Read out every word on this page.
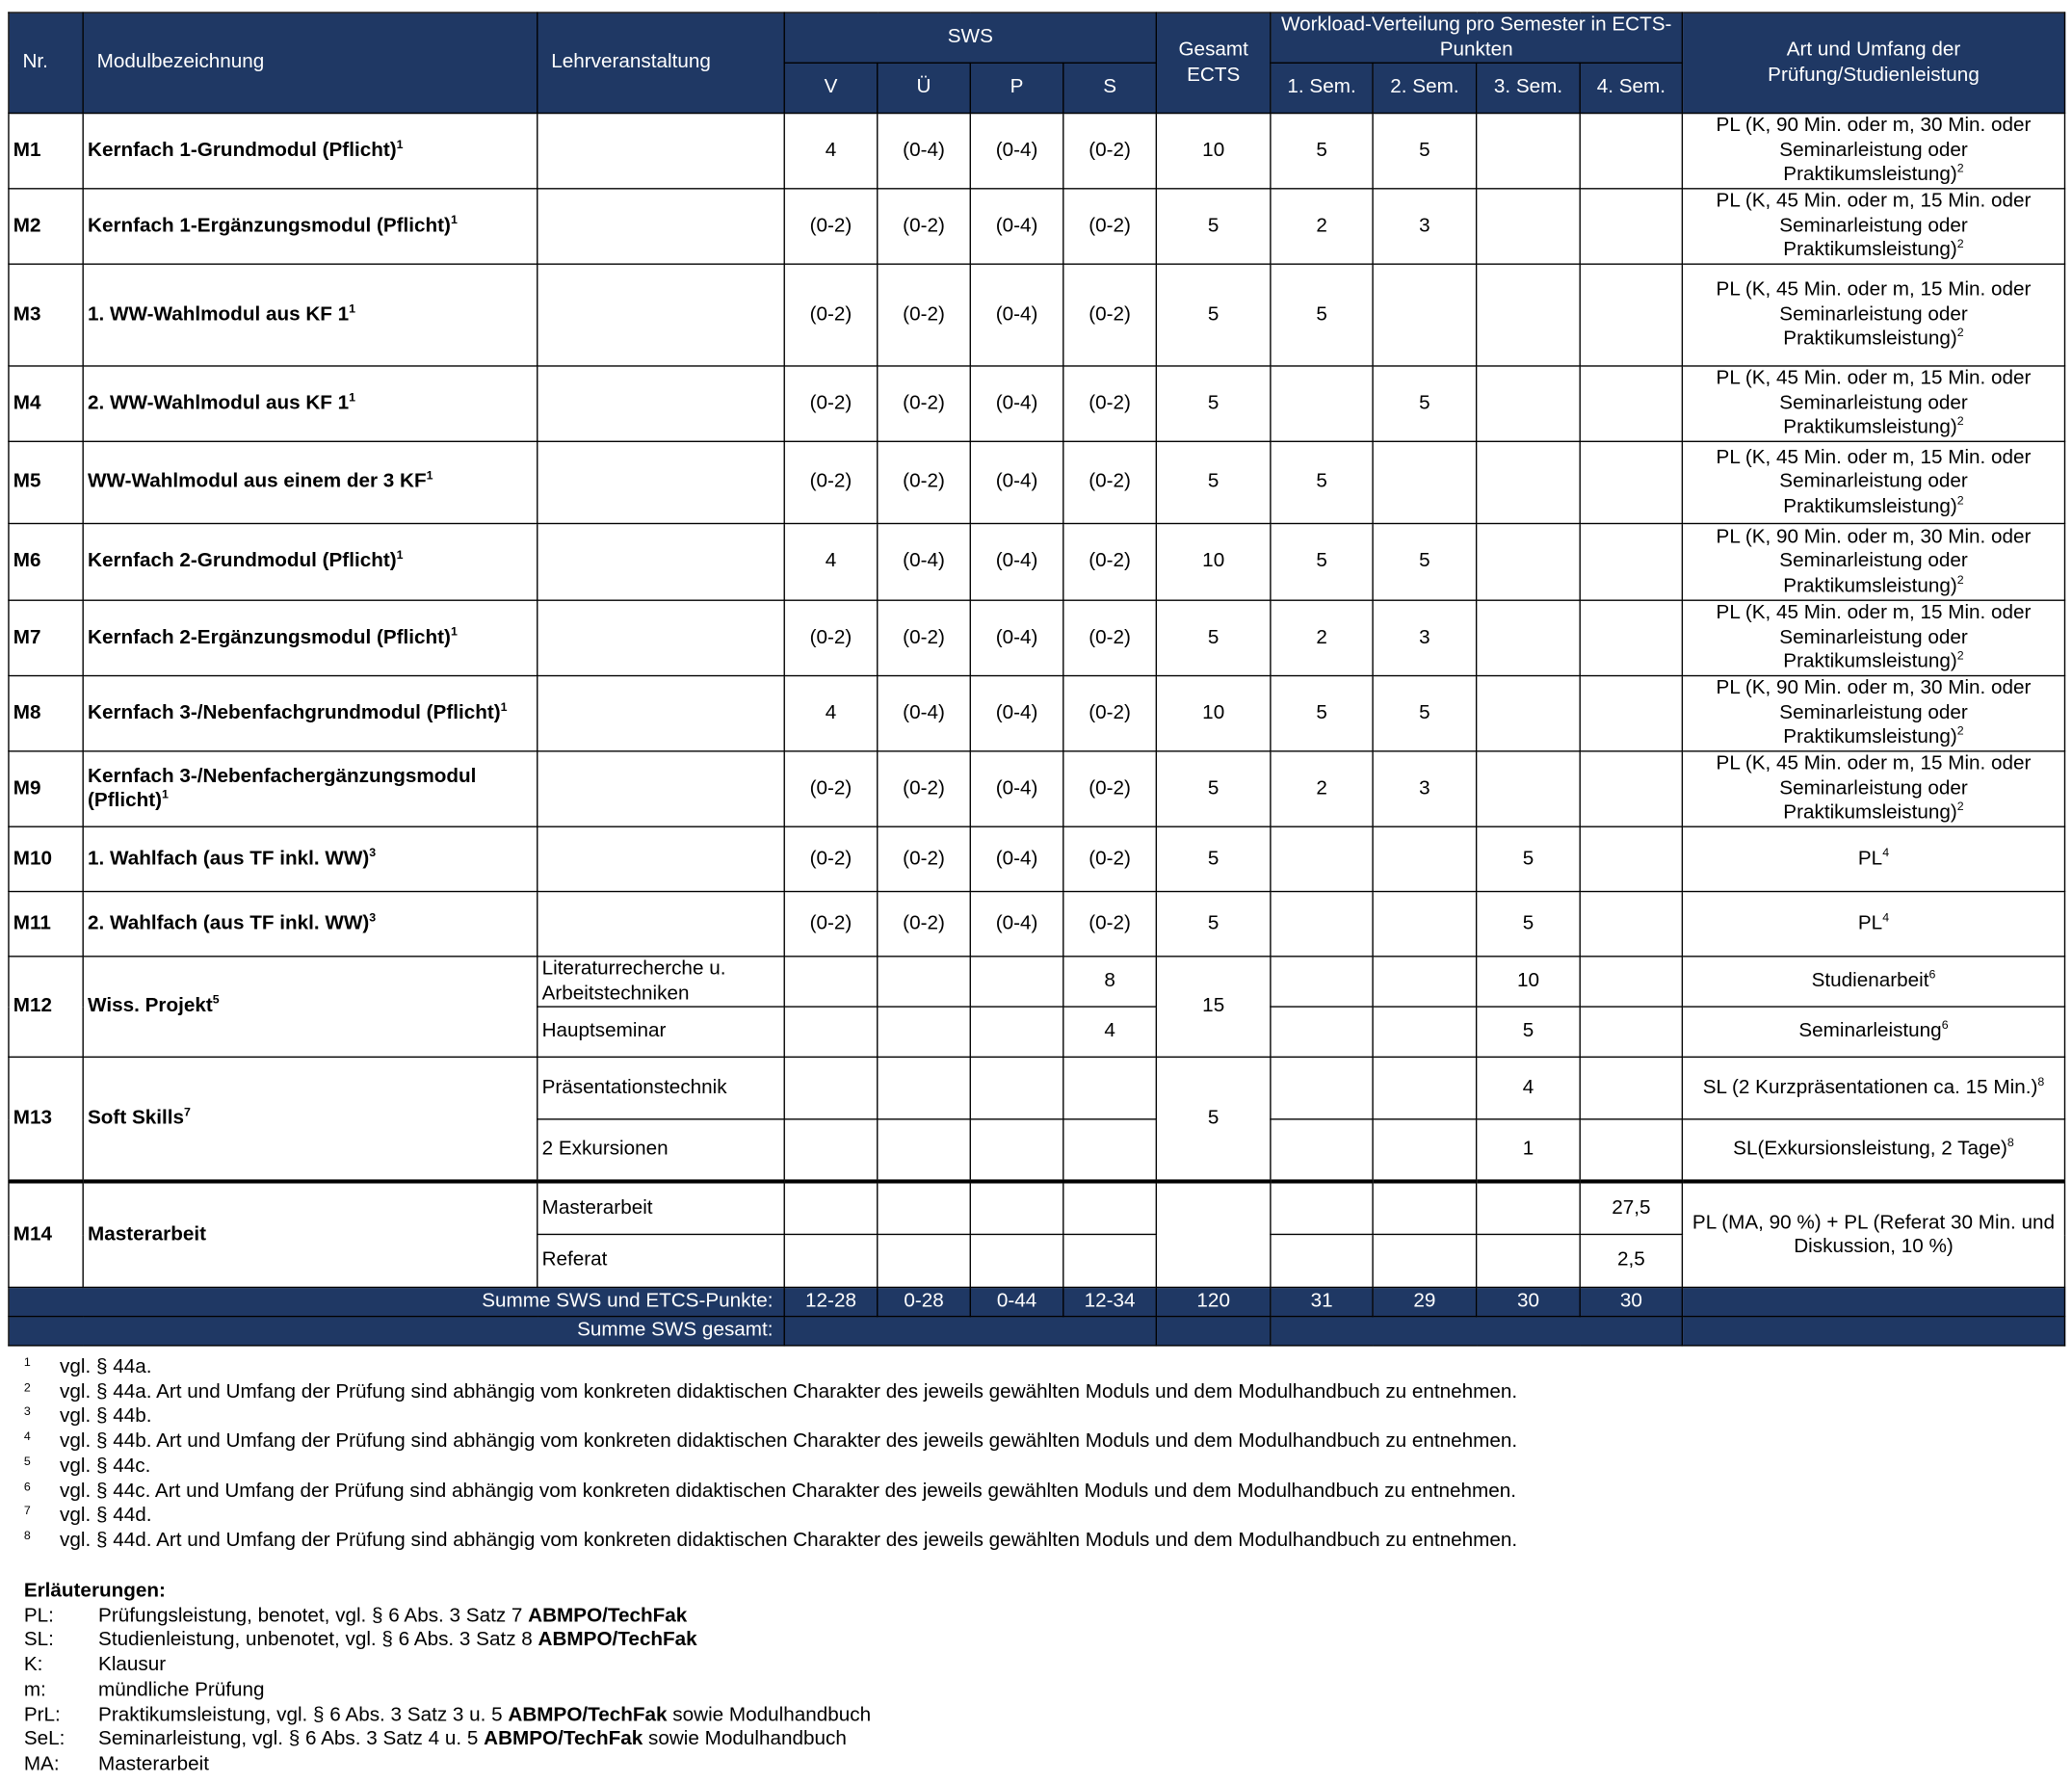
Nr.	Modulbezeichnung	Lehrveranstaltung	SWS				Gesamt ECTS	Workload-Verteilung pro Semester in ECTS-Punkten				Art und Umfang der Prüfung/Studienleistung
			V	Ü	P	S		1. Sem.	2. Sem.	3. Sem.	4. Sem.	
M1	Kernfach 1-Grundmodul (Pflicht)$^1$		4	(0-4)	(0-4)	(0-2)	10	5	5			PL (K, 90 Min. oder m, 30 Min. oder Seminarleistung oder Praktikumsleistung)$^2$
M2	Kernfach 1-Ergänzungsmodul (Pflicht)$^1$		(0-2)	(0-2)	(0-4)	(0-2)	5	2	3			PL (K, 45 Min. oder m, 15 Min. oder Seminarleistung oder Praktikumsleistung)$^2$
M3	1. WW-Wahlmodul aus KF $1^1$		(0-2)	(0-2)	(0-4)	(0-2)	5	5				PL (K, 45 Min. oder m, 15 Min. oder Seminarleistung oder Praktikumsleistung)$^2$
M4	2. WW-Wahlmodul aus KF $1^1$		(0-2)	(0-2)	(0-4)	(0-2)	5		5			PL (K, 45 Min. oder m, 15 Min. oder Seminarleistung oder Praktikumsleistung)$^2$
M5	WW-Wahlmodul aus einem der 3 $KF^1$		(0-2)	(0-2)	(0-4)	(0-2)	5	5				PL (K, 45 Min. oder m, 15 Min. oder Seminarleistung oder Praktikumsleistung)$^2$
M6	Kernfach 2-Grundmodul (Pflicht)$^1$		4	(0-4)	(0-4)	(0-2)	10	5	5			PL (K, 90 Min. oder m, 30 Min. oder Seminarleistung oder Praktikumsleistung)$^2$
M7	Kernfach 2-Ergänzungsmodul (Pflicht)$^1$		(0-2)	(0-2)	(0-4)	(0-2)	5	2	3			PL (K, 45 Min. oder m, 15 Min. oder Seminarleistung oder Praktikumsleistung)$^2$
M8	Kernfach 3-/Nebenfachgrundmodul (Pflicht)$^1$		4	(0-4)	(0-4)	(0-2)	10	5	5			PL (K, 90 Min. oder m, 30 Min. oder Seminarleistung oder Praktikumsleistung)$^2$
M9	Kernfach 3-/Nebenfachergänzungsmodul (Pflicht)$^1$		(0-2)	(0-2)	(0-4)	(0-2)	5	2	3			PL (K, 45 Min. oder m, 15 Min. oder Seminarleistung oder Praktikumsleistung)$^2$
M10	1. Wahlfach (aus TF inkl. WW)$^3$		(0-2)	(0-2)	(0-4)	(0-2)	5			5		$PL^4$
M11	2. Wahlfach (aus TF inkl. WW)$^3$		(0-2)	(0-2)	(0-4)	(0-2)	5			5		$PL^4$
M12	Wiss. Projekt$^5$	Literaturrecherche u. Arbeitstechniken				8	15			10		Studienarbeit$^6$
		Hauptseminar				4				5		Seminarleistung$^6$
M13	Soft Skills$^7$	Präsentationstechnik					5			4		SL (2 Kurzpräsentationen ca. 15 Min.)$^8$
		2 Exkursionen								1		SL(Exkursionsleistung, 2 Tage)$^8$
M14	Masterarbeit	Masterarbeit									27,5	PL (MA, 90 %) + PL (Referat 30 Min. und Diskussion, 10 %)
		Referat									2,5	
Summe SWS und ETCS-Punkte:			12-28	0-28	0-44	12-34	120	31	29	30	30	
Summe SWS gesamt:												
1	vgl. § 44a.
2	vgl. § 44a. Art und Umfang der Prüfung sind abhängig vom konkreten didaktischen Charakter des jeweils gewählten Moduls und dem Modulhandbuch zu entnehmen.
3	vgl. § 44b.
4	vgl. § 44b. Art und Umfang der Prüfung sind abhängig vom konkreten didaktischen Charakter des jeweils gewählten Moduls und dem Modulhandbuch zu entnehmen.
5	vgl. § 44c.
6	vgl. § 44c. Art und Umfang der Prüfung sind abhängig vom konkreten didaktischen Charakter des jeweils gewählten Moduls und dem Modulhandbuch zu entnehmen.
7	vgl. § 44d.
8	vgl. § 44d. Art und Umfang der Prüfung sind abhängig vom konkreten didaktischen Charakter des jeweils gewählten Moduls und dem Modulhandbuch zu entnehmen.
Erläuterungen:
PL:	Prüfungsleistung, benotet, vgl. § 6 Abs. 3 Satz 7 ABMPO/TechFak
SL:	Studienleistung, unbenotet, vgl. § 6 Abs. 3 Satz 8 ABMPO/TechFak
K:	Klausur
m:	mündliche Prüfung
PrL:	Praktikumsleistung, vgl. § 6 Abs. 3 Satz 3 u. 5 ABMPO/TechFak sowie Modulhandbuch
SeL:	Seminarleistung, vgl. § 6 Abs. 3 Satz 4 u. 5 ABMPO/TechFak sowie Modulhandbuch
MA:	Masterarbeit
